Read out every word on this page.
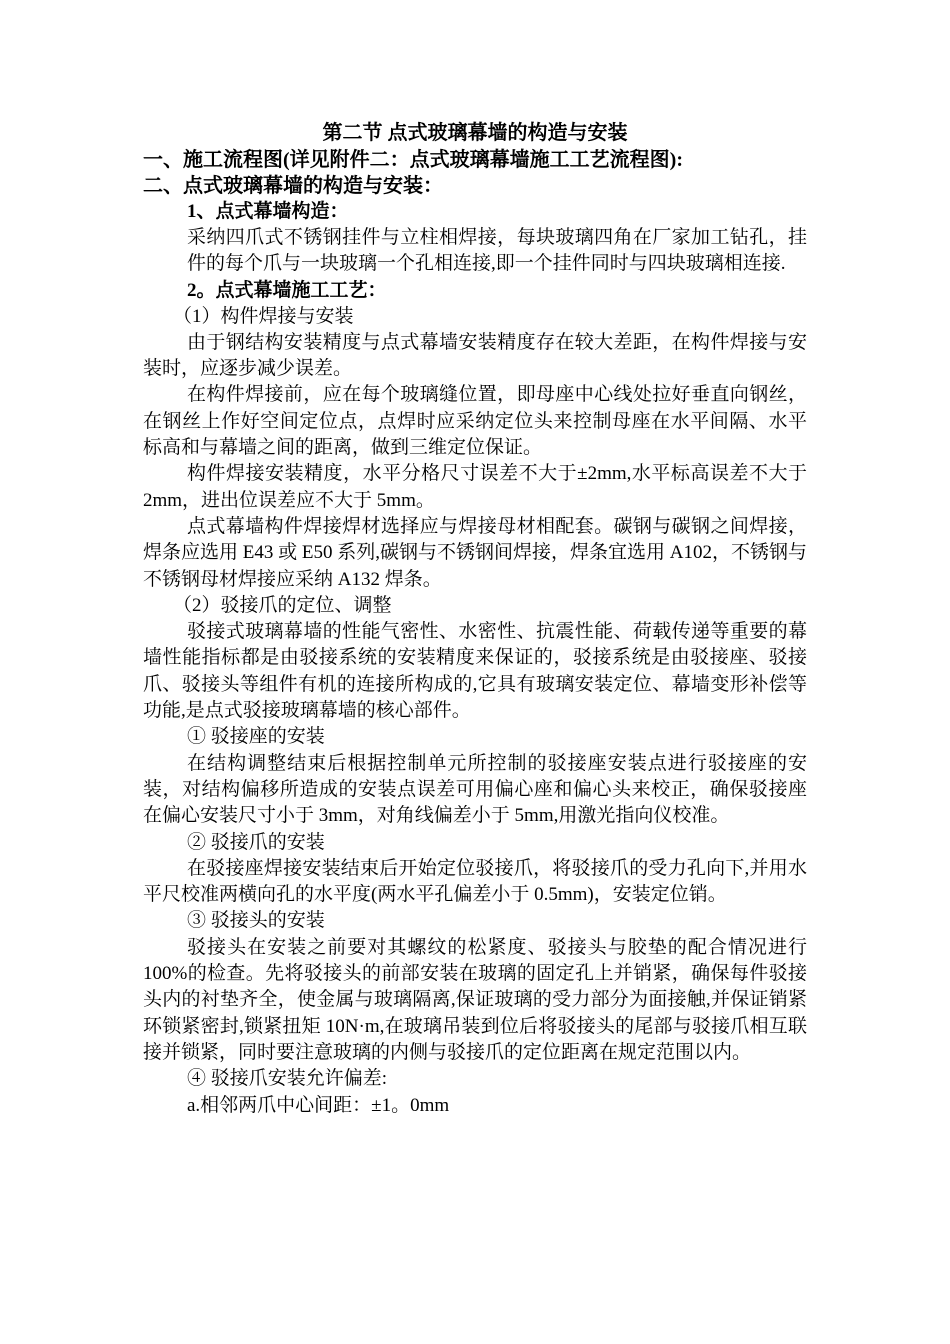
第二节 点式玻璃幕墙的构造与安装
一、施工流程图(详见附件二：点式玻璃幕墙施工工艺流程图):
二、点式玻璃幕墙的构造与安装：
1、点式幕墙构造：
采纳四爪式不锈钢挂件与立柱相焊接，每块玻璃四角在厂家加工钻孔，挂件的每个爪与一块玻璃一个孔相连接,即一个挂件同时与四块玻璃相连接.
2。点式幕墙施工工艺：
（1）构件焊接与安装
由于钢结构安装精度与点式幕墙安装精度存在较大差距，在构件焊接与安装时，应逐步减少误差。
在构件焊接前，应在每个玻璃缝位置，即母座中心线处拉好垂直向钢丝，在钢丝上作好空间定位点，点焊时应采纳定位头来控制母座在水平间隔、水平标高和与幕墙之间的距离，做到三维定位保证。
构件焊接安装精度，水平分格尺寸误差不大于±2mm,水平标高误差不大于 2mm，进出位误差应不大于 5mm。
点式幕墙构件焊接焊材选择应与焊接母材相配套。碳钢与碳钢之间焊接，焊条应选用 E43 或 E50 系列,碳钢与不锈钢间焊接，焊条宜选用 A102，不锈钢与不锈钢母材焊接应采纳 A132 焊条。
（2）驳接爪的定位、调整
驳接式玻璃幕墙的性能气密性、水密性、抗震性能、荷载传递等重要的幕墙性能指标都是由驳接系统的安装精度来保证的，驳接系统是由驳接座、驳接爪、驳接头等组件有机的连接所构成的,它具有玻璃安装定位、幕墙变形补偿等功能,是点式驳接玻璃幕墙的核心部件。
① 驳接座的安装
在结构调整结束后根据控制单元所控制的驳接座安装点进行驳接座的安装，对结构偏移所造成的安装点误差可用偏心座和偏心头来校正，确保驳接座在偏心安装尺寸小于 3mm，对角线偏差小于 5mm,用激光指向仪校准。
② 驳接爪的安装
在驳接座焊接安装结束后开始定位驳接爪，将驳接爪的受力孔向下,并用水平尺校准两横向孔的水平度(两水平孔偏差小于 0.5mm)，安装定位销。
③ 驳接头的安装
驳接头在安装之前要对其螺纹的松紧度、驳接头与胶垫的配合情况进行 100%的检查。先将驳接头的前部安装在玻璃的固定孔上并销紧，确保每件驳接头内的衬垫齐全，使金属与玻璃隔离,保证玻璃的受力部分为面接触,并保证销紧环锁紧密封,锁紧扭矩 10N·m,在玻璃吊装到位后将驳接头的尾部与驳接爪相互联接并锁紧，同时要注意玻璃的内侧与驳接爪的定位距离在规定范围以内。
④ 驳接爪安装允许偏差:
a.相邻两爪中心间距：±1。0mm
